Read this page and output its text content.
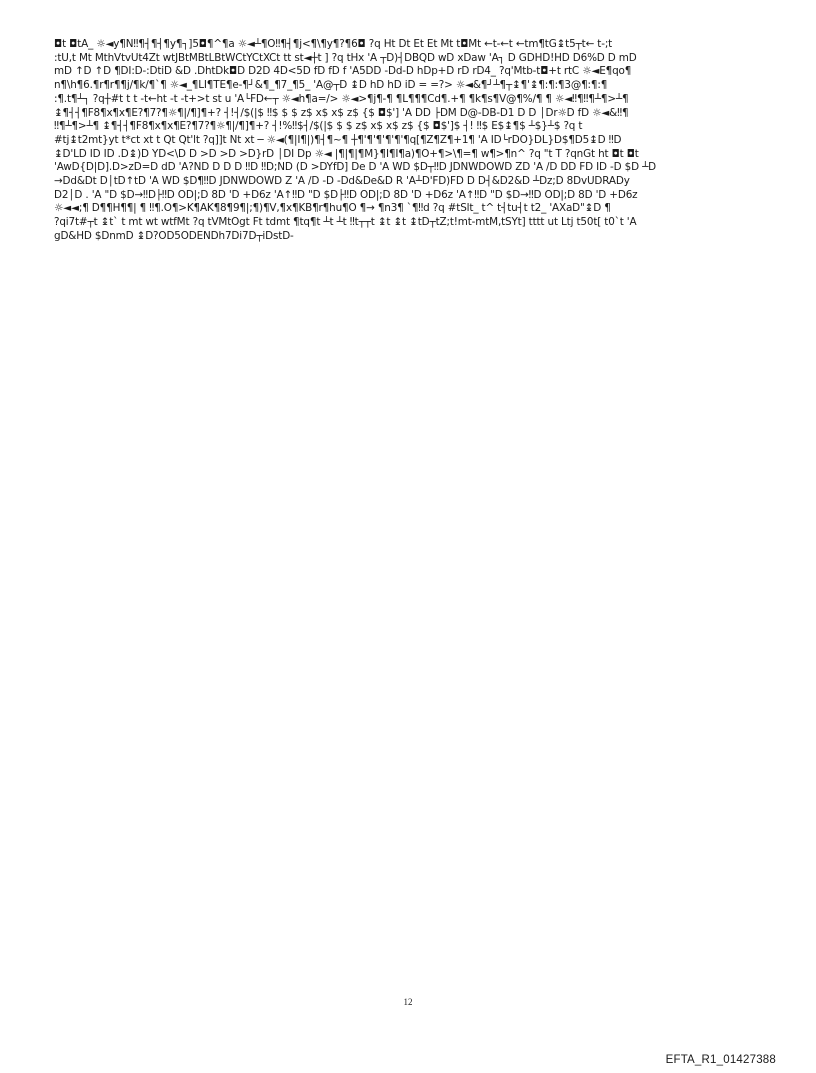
◘t ◘tA_ ☼◄y¶N‼¶┤¶┤¶y¶┐]5◘¶^¶a ☼◄┴¶O‼¶┤¶j<¶\¶y¶?¶6◘ ?q Ht Dt Et Et Mt t◘Mt ←t-←t ←tm¶tG↨t5┬t← t-;t
:tU,t Mt MthVtvUt4Zt wtJBtMBtLBtWCtYCtXCt tt st◄┼t ] ?q tHx 'A ┬D)┤DBQD wD xDaw 'A┐ D GDHD!HD D6%D D mD
mD ↑D ↑D ¶DI:D-:DtiD &D .DhtDk◘D D2D 4D<5D fD fD f 'A5DD -Dd-D hDp+D rD rD4_ ?q'Mtb-t◘+t rtC ☼◄E¶qo¶
n¶\h¶6.¶r¶r¶¶j/¶k/¶`¶ ☼◄_¶LI¶TE¶e-¶┘&¶_¶7_¶5_ 'A@┬D ↨D hD hD iD = =?> ☼◄&¶┘┴¶┬↨¶'↨¶:¶:¶3@¶:¶:¶
:¶.t¶┴┐ ?q┼#t t t -t←ht -t -t+>t st u 'A└FD←┬ ☼◄h¶a=/> ☼◄>¶j¶-¶ ¶L¶¶¶Cd¶.+¶ ¶k¶s¶V@¶%/¶ ¶ ☼◄‼¶‼¶┴¶>┴¶
↨¶┤┤¶F8¶x¶x¶E?¶7?¶☼¶|/¶]¶+? ┤!┤/$(|$ ‼$ $ $ z$ x$ x$ z$ {$ ◘$'] 'A DD ├DM D@-DB-D1 D D │Dr☼D fD ☼◄&‼¶
‼¶┴¶>┴¶ ↨¶┤┤¶F8¶x¶x¶E?¶7?¶☼¶|/¶]¶+? ┤!%‼$┤/$(|$ $ $ z$ x$ x$ z$ {$ ◘$']$ ┤! ‼$ E$↨¶$ ┴$}┴$ ?q t
#tj↨t2mt}yt t*ct xt t Qt Qt'lt ?q]]t Nt xt ─ ☼◄(¶|I¶|)¶┤¶~¶ ┼¶'¶'¶'¶'¶'¶q[¶Z¶Z¶+1¶ 'A ID└rDO}DL}D$¶D5↨D ‼D
↨D'LD ID ID .D↨)D YD<\D D >D >D >D}rD │DI Dp ☼◄ |¶|¶|¶M}¶I¶I¶a)¶O+¶>\¶=¶ w¶>¶n^ ?q "t T ?qnGt ht ◘t ◘t
'AwD{D|D].D>zD=D dD 'A?ND D D D ‼D ‼D;ND (D >DYfD] De D 'A WD $D┬‼D JDNWDOWD ZD 'A /D DD FD ID -D $D ┴D
→Dd&Dt D│tD↑tD 'A WD $D¶‼D JDNWDOWD Z 'A /D -D -Dd&De&D R 'A┴D'FD)FD D D┤&D2&D ┴Dz;D 8DvUDRADy
D2│D . 'A "D $D→‼D├‼D OD|;D 8D 'D +D6z 'A↑‼D "D $D├‼D OD|;D 8D 'D +D6z 'A↑‼D "D $D→‼D OD|;D 8D 'D +D6z
☼◄◄;¶ D¶¶H¶¶| ¶ ‼¶.O¶>K¶AK¶8¶9¶|;¶)¶V,¶x¶KB¶r¶hu¶O ¶→ ¶n3¶ `¶‼d ?q #tSlt_ t^ t┤tu┤t t2_ 'AXaD"↨D ¶
?qi7t#┬t ↨t` t mt wt wtfMt ?q tVMtOgt Ft tdmt ¶tq¶t ┴t ┴t ‼t┬┬t ↨t ↨t ↨tD┬tZ;t!mt-mtM,tSYt] tttt ut Ltj t50t[ t0`t 'A
gD&HD $DnmD ↨D?OD5ODENDh7Di7D┬iDstD-
12
EFTA_R1_01427388
